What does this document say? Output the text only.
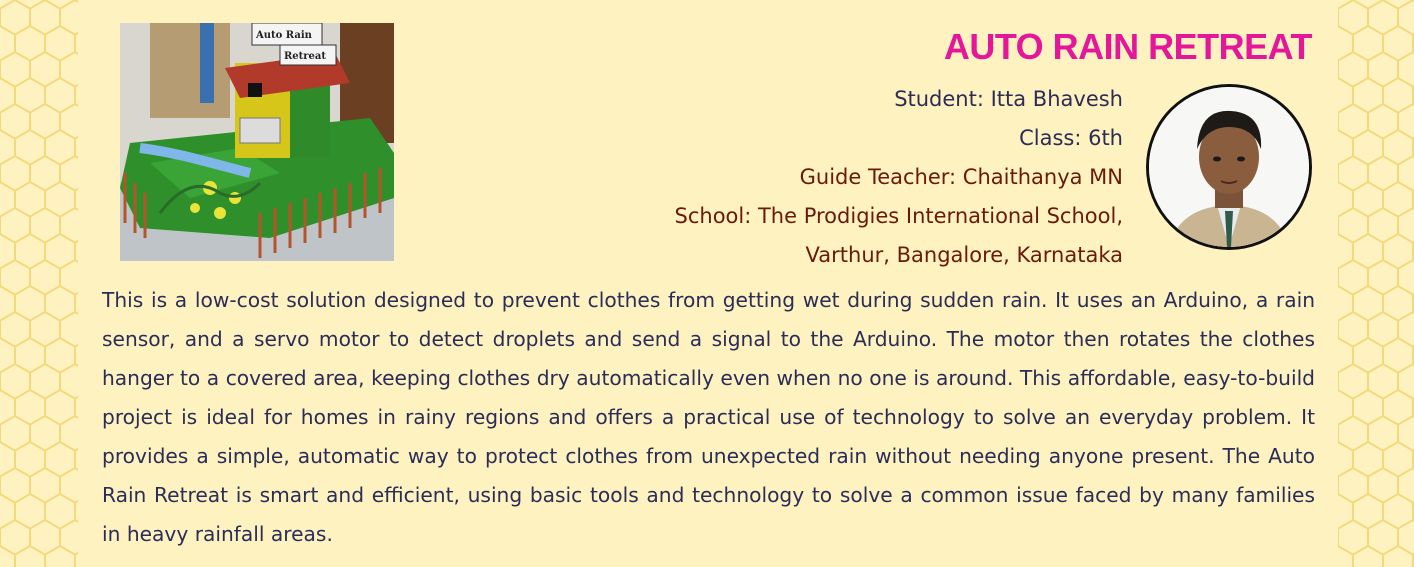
Auto Rain
Retreat	AUTO RAIN RETREAT
Student: Itta Bhavesh
Class: 6th
Guide Teacher: Chaithanya MN
School: The Prodigies International School,
Varthur, Bangalore, Karnataka

This is a low-cost solution designed to prevent clothes from getting wet during sudden rain. It uses an Arduino, a rain sensor, and a servo motor to detect droplets and send a signal to the Arduino. The motor then rotates the clothes hanger to a covered area, keeping clothes dry automatically even when no one is around. This affordable, easy-to-build project is ideal for homes in rainy regions and offers a practical use of technology to solve an everyday problem. It provides a simple, automatic way to protect clothes from unexpected rain without needing anyone present. The Auto Rain Retreat is smart and efficient, using basic tools and technology to solve a common issue faced by many families in heavy rainfall areas.
